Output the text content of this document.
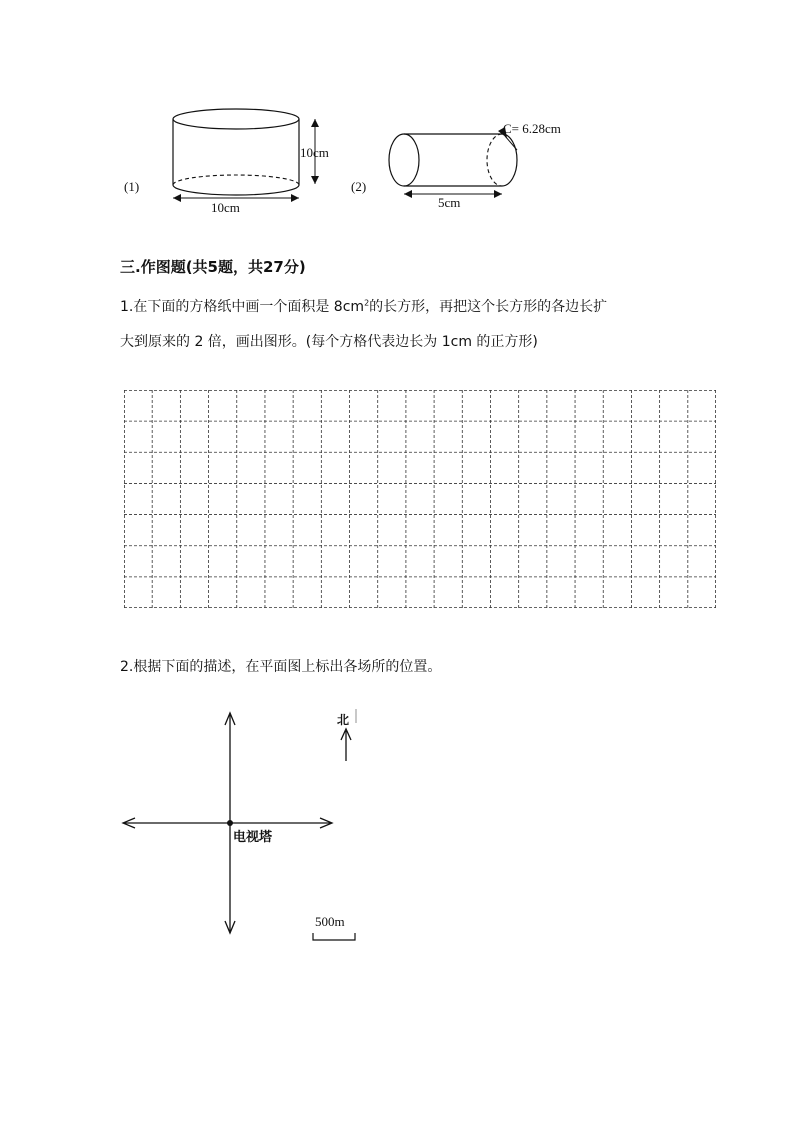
(1)
10cm
10cm
(2)
C= 6.28cm
5cm
三.作图题(共5题，共27分)
1.在下面的方格纸中画一个面积是 $8cm^2$的长方形，再把这个长方形的各边长扩
大到原来的 2 倍，画出图形。(每个方格代表边长为 1cm 的正方形)
2.根据下面的描述，在平面图上标出各场所的位置。
电视塔
北
500m
